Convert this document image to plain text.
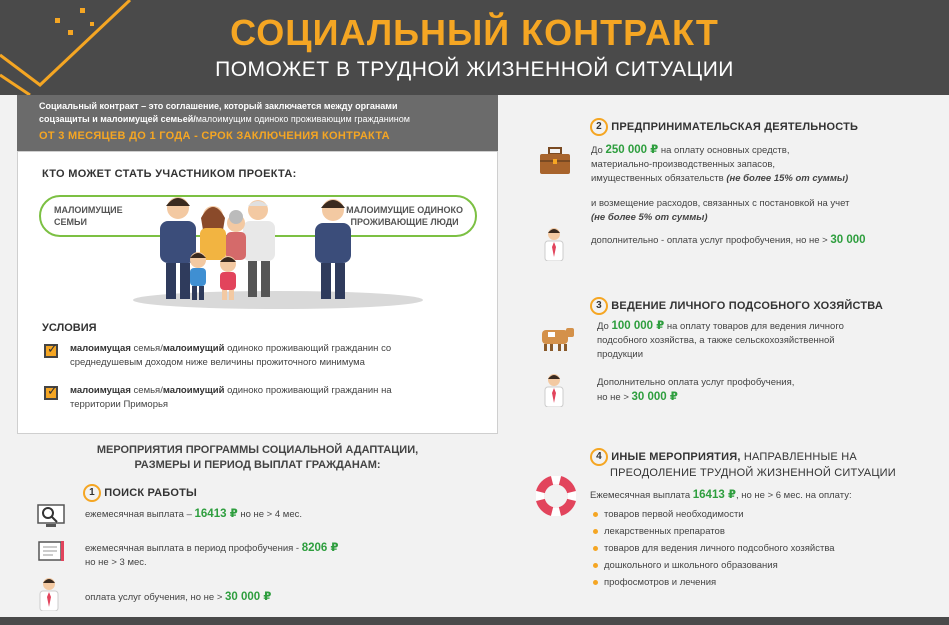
СОЦИАЛЬНЫЙ КОНТРАКТ
ПОМОЖЕТ В ТРУДНОЙ ЖИЗНЕННОЙ СИТУАЦИИ

Социальный контракт – это соглашение, который заключается между органами

соцзащиты и малоимущей семьей/малоимущим одиноко проживающим гражданином

ОТ 3 МЕСЯЦЕВ ДО 1 ГОДА - СРОК ЗАКЛЮЧЕНИЯ КОНТРАКТА

КТО МОЖЕТ СТАТЬ УЧАСТНИКОМ ПРОЕКТА:
МАЛОИМУЩИЕ
СЕМЬИ
МАЛОИМУЩИЕ ОДИНОКО
ПРОЖИВАЮЩИЕ ЛЮДИ
УСЛОВИЯ
✓
малоимущая семья/малоимущий одиноко проживающий гражданин со
среднедушевым доходом ниже величины прожиточного минимума
✓
малоимущая семья/малоимущий одиноко проживающий гражданин на
территории Приморья
МЕРОПРИЯТИЯ ПРОГРАММЫ СОЦИАЛЬНОЙ АДАПТАЦИИ,
РАЗМЕРЫ И ПЕРИОД ВЫПЛАТ ГРАЖДАНАМ:
1 ПОИСК РАБОТЫ
ежемесячная выплата – 16413 ₽ но не > 4 мес.
ежемесячная выплата в период профобучения - 8206 ₽
но не > 3 мес.
оплата услуг обучения, но не > 30 000 ₽
2 ПРЕДПРИНИМАТЕЛЬСКАЯ ДЕЯТЕЛЬНОСТЬ
До 250 000 ₽ на оплату основных средств,
материально-производственных запасов,
имущественных обязательств (не более 15% от суммы)
и возмещение расходов, связанных с постановкой на учет
(не более 5% от суммы)
дополнительно - оплата услуг профобучения, но не > 30 000
3 ВЕДЕНИЕ ЛИЧНОГО ПОДСОБНОГО ХОЗЯЙСТВА
До 100 000 ₽ на оплату товаров для ведения личного
подсобного хозяйства, а также сельскохозяйственной
продукции
Дополнительно оплата услуг профобучения,
но не > 30 000 ₽
4 ИНЫЕ МЕРОПРИЯТИЯ, НАПРАВЛЕННЫЕ НА
ПРЕОДОЛЕНИЕ ТРУДНОЙ ЖИЗНЕННОЙ СИТУАЦИИ
Ежемесячная выплата 16413 ₽, но не > 6 мес. на оплату:
товаров первой необходимости
лекарственных препаратов
товаров для ведения личного подсобного хозяйства
дошкольного и школьного образования
профосмотров и лечения
